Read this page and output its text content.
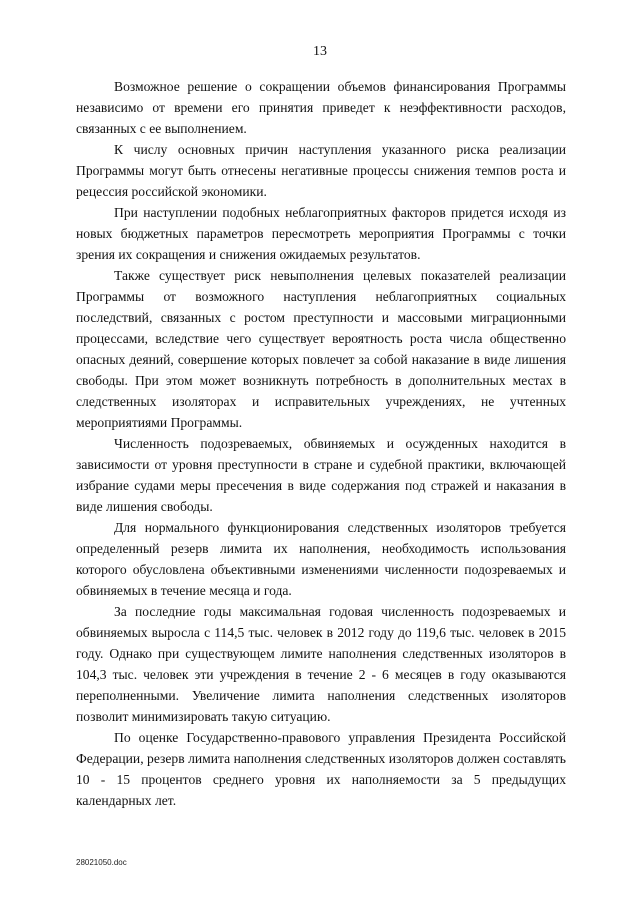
13

Возможное решение о сокращении объемов финансирования Программы независимо от времени его принятия приведет к неэффективности расходов, связанных с ее выполнением.

К числу основных причин наступления указанного риска реализации Программы могут быть отнесены негативные процессы снижения темпов роста и рецессия российской экономики.

При наступлении подобных неблагоприятных факторов придется исходя из новых бюджетных параметров пересмотреть мероприятия Программы с точки зрения их сокращения и снижения ожидаемых результатов.

Также существует риск невыполнения целевых показателей реализации Программы от возможного наступления неблагоприятных социальных последствий, связанных с ростом преступности и массовыми миграционными процессами, вследствие чего существует вероятность роста числа общественно опасных деяний, совершение которых повлечет за собой наказание в виде лишения свободы. При этом может возникнуть потребность в дополнительных местах в следственных изоляторах и исправительных учреждениях, не учтенных мероприятиями Программы.

Численность подозреваемых, обвиняемых и осужденных находится в зависимости от уровня преступности в стране и судебной практики, включающей избрание судами меры пресечения в виде содержания под стражей и наказания в виде лишения свободы.

Для нормального функционирования следственных изоляторов требуется определенный резерв лимита их наполнения, необходимость использования которого обусловлена объективными изменениями численности подозреваемых и обвиняемых в течение месяца и года.

За последние годы максимальная годовая численность подозреваемых и обвиняемых выросла с 114,5 тыс. человек в 2012 году до 119,6 тыс. человек в 2015 году. Однако при существующем лимите наполнения следственных изоляторов в 104,3 тыс. человек эти учреждения в течение 2 - 6 месяцев в году оказываются переполненными. Увеличение лимита наполнения следственных изоляторов позволит минимизировать такую ситуацию.

По оценке Государственно-правового управления Президента Российской Федерации, резерв лимита наполнения следственных изоляторов должен составлять 10 - 15 процентов среднего уровня их наполняемости за 5 предыдущих календарных лет.

28021050.doc
